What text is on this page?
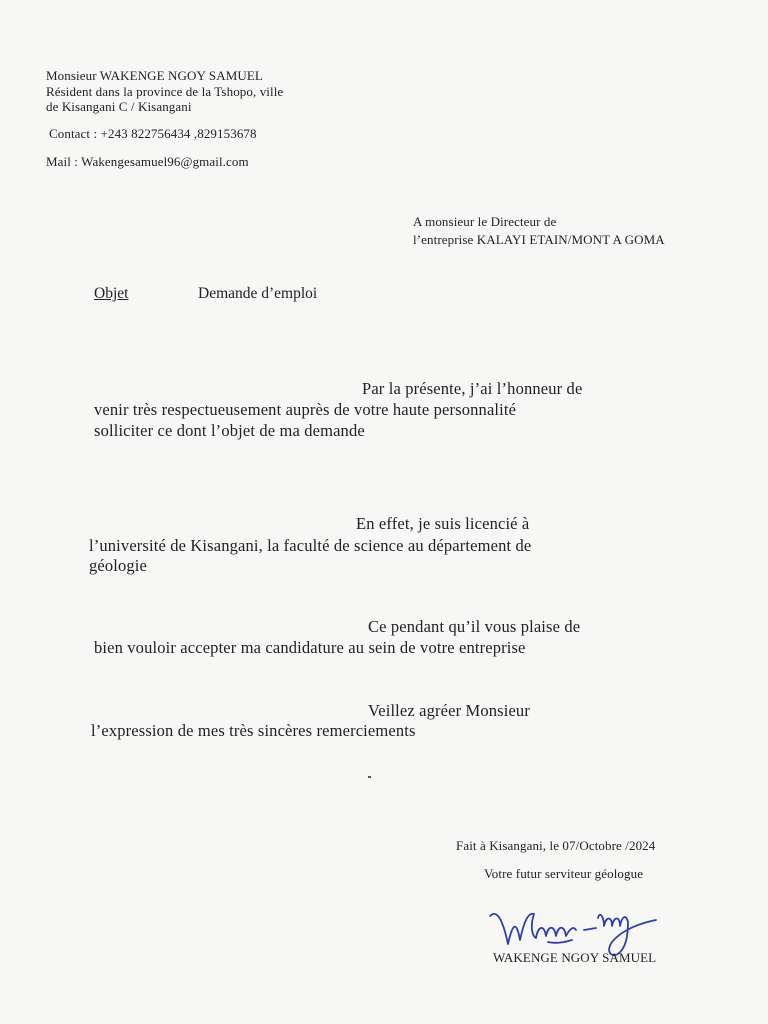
Monsieur WAKENGE NGOY SAMUEL
Résident dans la province de la Tshopo, ville
de Kisangani C / Kisangani
Contact : +243 822756434 ,829153678
Mail : Wakengesamuel96@gmail.com
A monsieur le Directeur de
l’entreprise KALAYI ETAIN/MONT A GOMA
Objet	Demande d’emploi
Par la présente, j’ai l’honneur de
venir très respectueusement auprès de votre haute personnalité
solliciter ce dont l’objet de ma demande
En effet, je suis licencié à
l’université de Kisangani, la faculté de science au département de
géologie
Ce pendant qu’il vous plaise de
bien vouloir accepter ma candidature au sein de votre entreprise
Veillez agréer Monsieur
l’expression de mes très sincères remerciements
Fait à Kisangani, le 07/Octobre /2024
Votre futur serviteur géologue
WAKENGE NGOY SAMUEL
